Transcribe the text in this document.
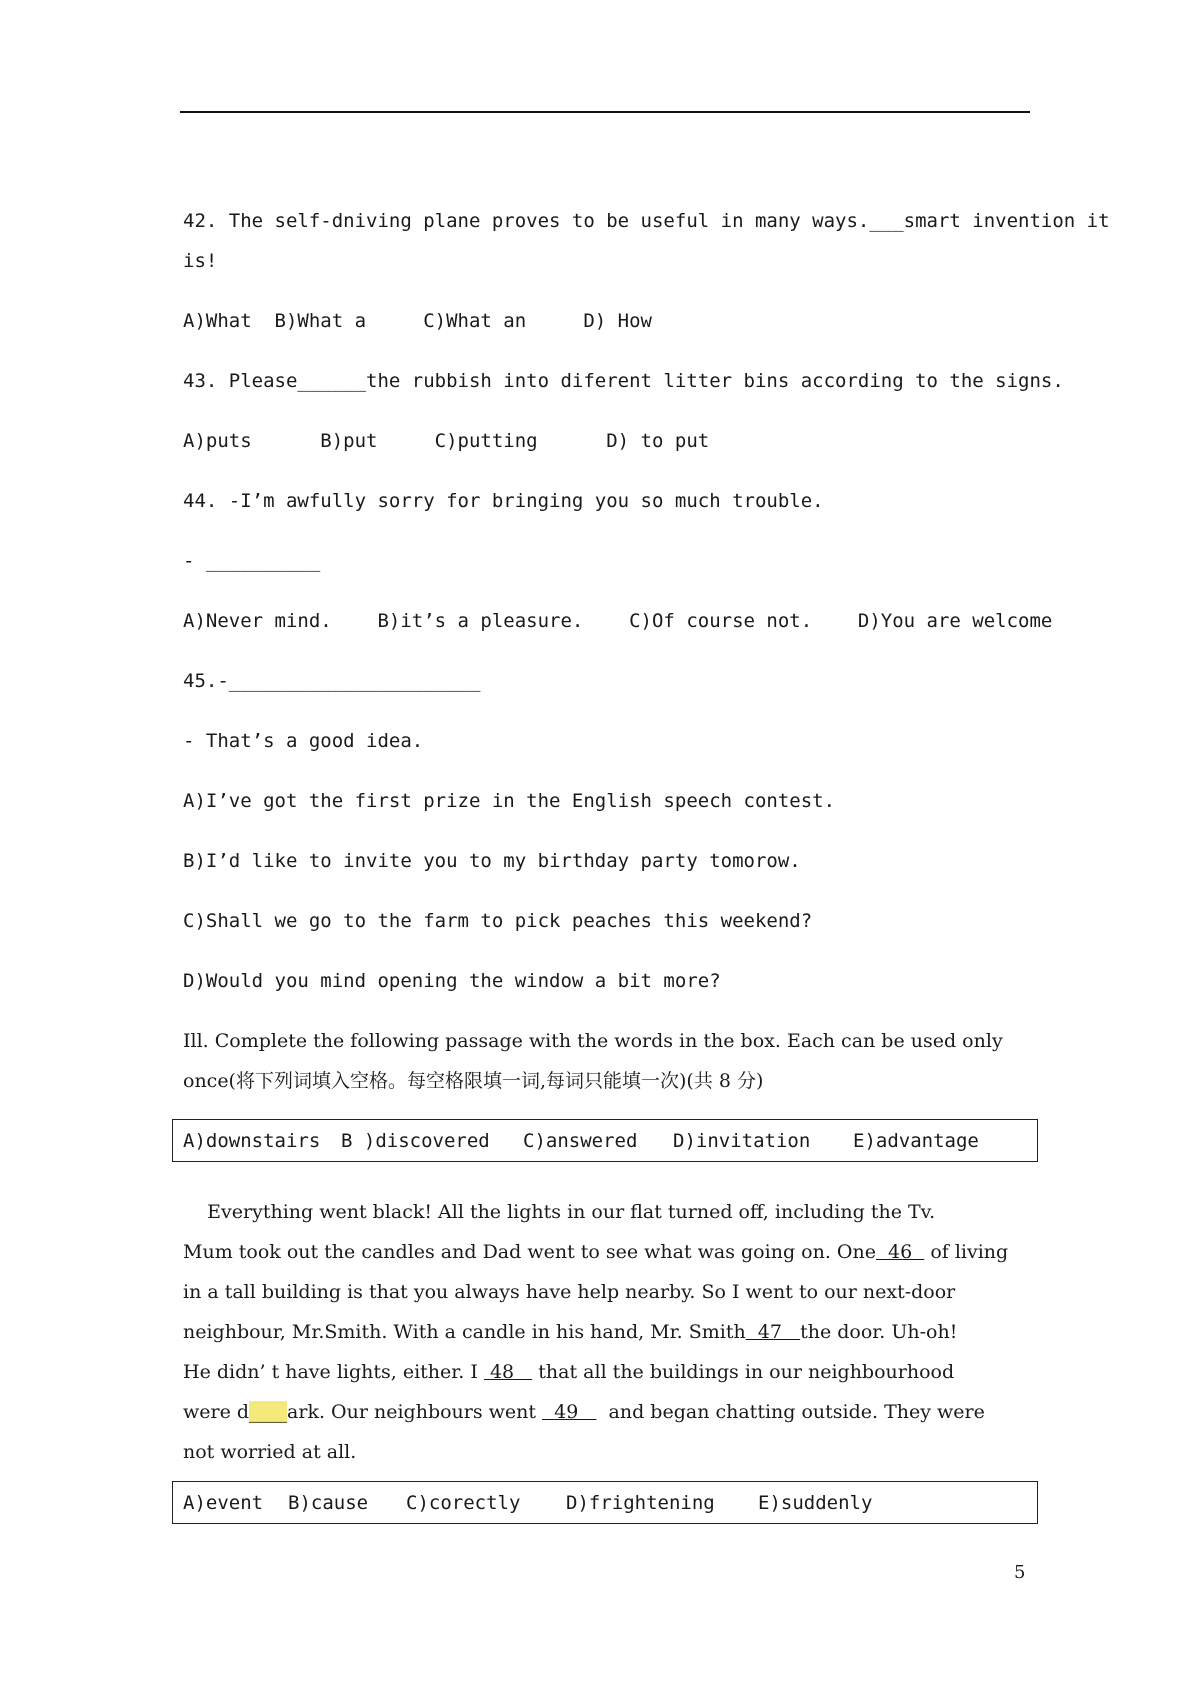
42. The self-dniving plane proves to be useful in many ways.___smart invention it
is!
A)What  B)What a     C)What an     D) How
43. Please______the rubbish into diferent litter bins according to the signs.
A)puts      B)put     C)putting      D) to put
44. -I’m awfully sorry for bringing you so much trouble.
- __________
A)Never mind.    B)it’s a pleasure.    C)Of course not.    D)You are welcome
45.-______________________
- That’s a good idea.
A)I’ve got the first prize in the English speech contest.
B)I’d like to invite you to my birthday party tomorow.
C)Shall we go to the farm to pick peaches this weekend?
D)Would you mind opening the window a bit more?
Ill. Complete the following passage with the words in the box. Each can be used only
once(将下列词填入空格。每空格限填一词,每词只能填一次)(共 8 分)
A)downstairs B )discovered C)answered D)invitation E)advantage
Everything went black! All the lights in our flat turned off, including the Tv.
Mum took out the candles and Dad went to see what was going on. One  46   of living
in a tall building is that you always have help nearby. So I went to our next-door
neighbour, Mr.Smith. With a candle in his hand, Mr. Smith  47   the door. Uh-oh!
He didn’ t have lights, either. I  48    that all the buildings in our neighbourhood
were d____ark. Our neighbours went   49     and began chatting outside. They were
not worried at all.
A)event B)cause C)corectly D)frightening E)suddenly
5
